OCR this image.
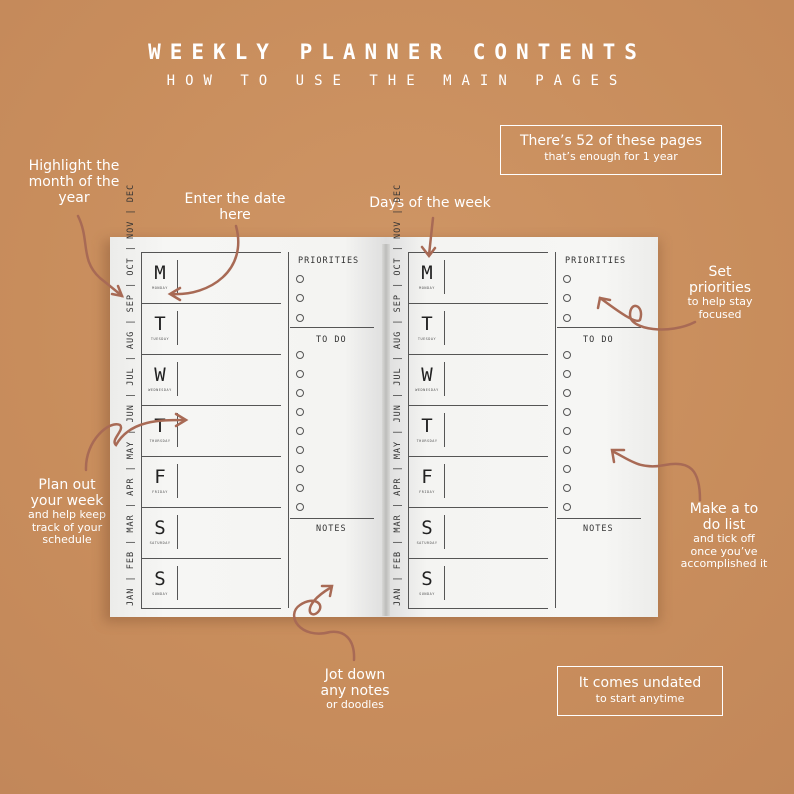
WEEKLY PLANNER CONTENTS
HOW TO USE THE MAIN PAGES
There’s 52 of these pages
that’s enough for 1 year
It comes undated
to start anytime
Highlight the
month of the
year	Enter the date
here
Days of the week
Set
priorities
to help stay
focused
Plan out
your week
and help keep
track of your
schedule
Make a to
do list
and tick off
once you’ve
accomplished it
Jot down
any notes
or doodles
JAN | FEB | MAR | APR | MAY | JUN | JUL | AUG | SEP | OCT | NOV | DEC M
MONDAY
T
TUESDAY
W
WEDNESDAY
T
THURSDAY
F
FRIDAY
S
SATURDAY
S
SUNDAY
PRIORITIES
TO DO
NOTES	JAN | FEB | MAR | APR | MAY | JUN | JUL | AUG | SEP | OCT | NOV | DEC M
MONDAY
T
TUESDAY
W
WEDNESDAY
T
THURSDAY
F
FRIDAY
S
SATURDAY
S
SUNDAY
PRIORITIES
TO DO
NOTES
